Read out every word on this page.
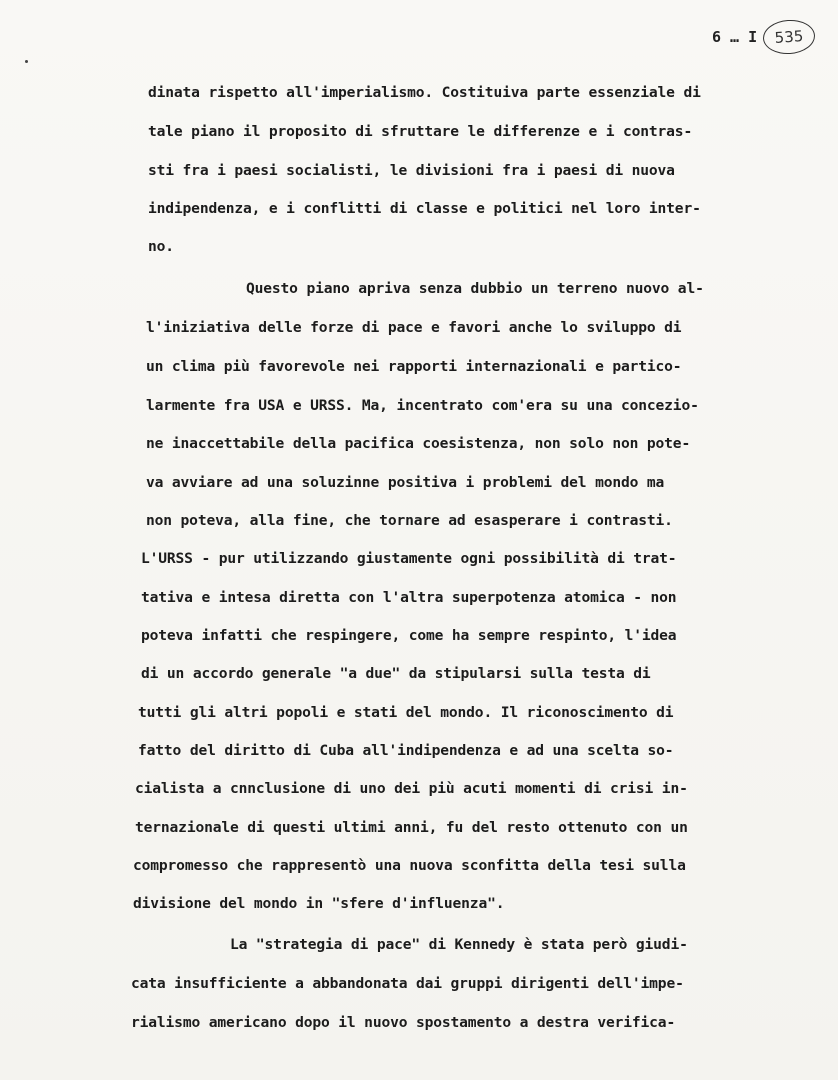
6 … I	535
dinata rispetto all'imperialismo. Costituiva parte essenziale di
tale piano il proposito di sfruttare le differenze e i contras-
sti fra i paesi socialisti, le divisioni fra i paesi di nuova
indipendenza, e i conflitti di classe e politici nel loro inter-
no.
Questo piano apriva senza dubbio un terreno nuovo al-
l'iniziativa delle forze di pace e favori anche lo sviluppo di
un clima più favorevole nei rapporti internazionali e partico-
larmente fra USA e URSS. Ma, incentrato com'era su una concezio-
ne inaccettabile della pacifica coesistenza, non solo non pote-
va avviare ad una soluzinne positiva i problemi del mondo ma
non poteva, alla fine, che tornare ad esasperare i contrasti.
L'URSS - pur utilizzando giustamente ogni possibilità di trat-
tativa e intesa diretta con l'altra superpotenza atomica - non
poteva infatti che respingere, come ha sempre respinto, l'idea
di un accordo generale "a due" da stipularsi sulla testa di
tutti gli altri popoli e stati del mondo. Il riconoscimento di
fatto del diritto di Cuba all'indipendenza e ad una scelta so-
cialista a cnnclusione di uno dei più acuti momenti di crisi in-
ternazionale di questi ultimi anni, fu del resto ottenuto con un
compromesso che rappresentò una nuova sconfitta della tesi sulla
divisione del mondo in "sfere d'influenza".
La "strategia di pace" di Kennedy è stata però giudi-
cata insufficiente a abbandonata dai gruppi dirigenti dell'impe-
rialismo americano dopo il nuovo spostamento a destra verifica-
